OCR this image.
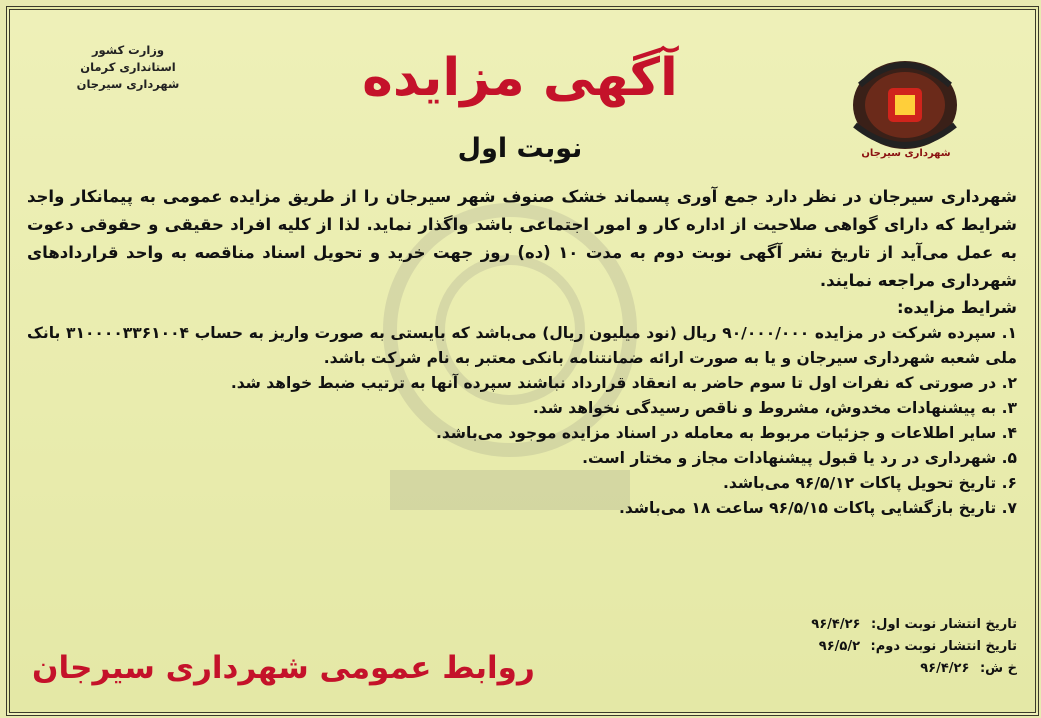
شهرداری سیرجان
وزارت کشور
استانداری کرمان
شهرداری سیرجان	آگهی مزایده
نوبت اول

شهرداری سیرجان در نظر دارد جمع آوری پسماند خشک صنوف شهر سیرجان را از طریق مزایده عمومی به پیمانکار واجد شرایط که دارای گواهی صلاحیت از اداره کار و امور اجتماعی باشد واگذار نماید. لذا از کلیه افراد حقیقی و حقوقی دعوت به عمل می‌آید از تاریخ نشر آگهی نوبت دوم به مدت ۱۰ (ده) روز جهت خرید و تحویل اسناد مناقصه به واحد قراردادهای شهرداری مراجعه نمایند.

شرایط مزایده:

۱. سپرده شرکت در مزایده ۹۰/۰۰۰/۰۰۰ ریال (نود میلیون ریال) می‌باشد که بایستی به صورت واریز به حساب ۳۱۰۰۰۰۳۳۶۱۰۰۴ بانک ملی شعبه شهرداری سیرجان و یا به صورت ارائه ضمانتنامه بانکی معتبر به نام شرکت باشد.

۲. در صورتی که نفرات اول تا سوم حاضر به انعقاد قرارداد نباشند سپرده آنها به ترتیب ضبط خواهد شد.

۳. به پیشنهادات مخدوش، مشروط و ناقص رسیدگی نخواهد شد.

۴. سایر اطلاعات و جزئیات مربوط به معامله در اسناد مزایده موجود می‌باشد.

۵. شهرداری در رد یا قبول پیشنهادات مجاز و مختار است.

۶. تاریخ تحویل پاکات ۹۶/۵/۱۲ می‌باشد.

۷. تاریخ بازگشایی پاکات ۹۶/۵/۱۵ ساعت ۱۸ می‌باشد.

تاریخ انتشار نوبت اول: ۹۶/۴/۲۶
تاریخ انتشار نوبت دوم: ۹۶/۵/۲
خ ش: ۹۶/۴/۲۶
روابط عمومی شهرداری سیرجان
